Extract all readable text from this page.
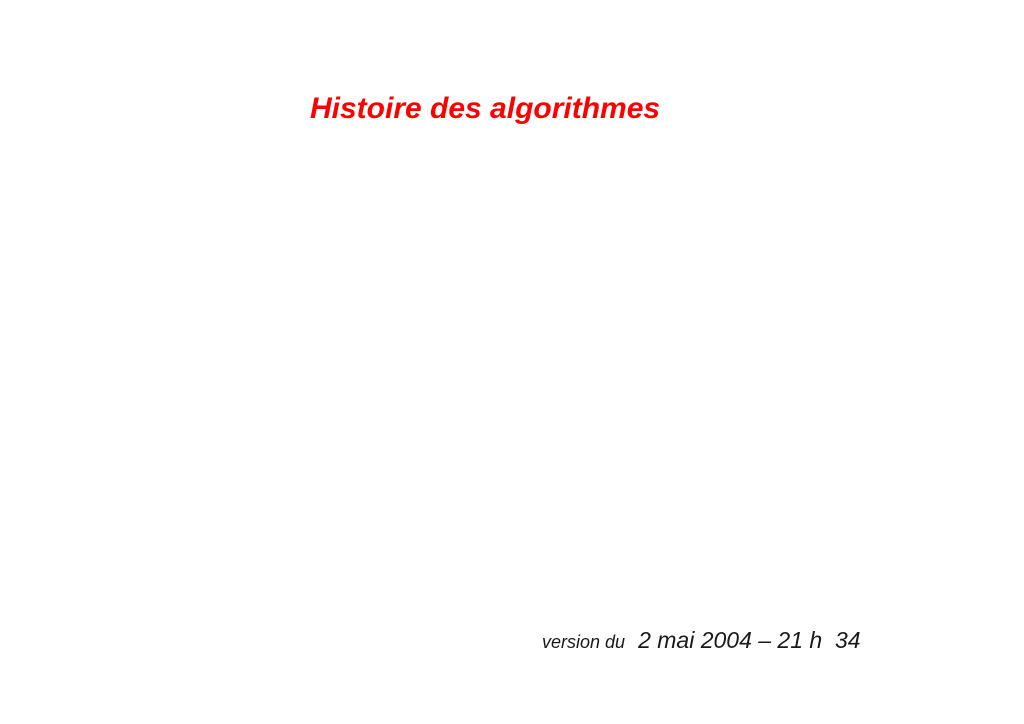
Histoire des algorithmes

version du 2 mai 2004 – 21 h  34
